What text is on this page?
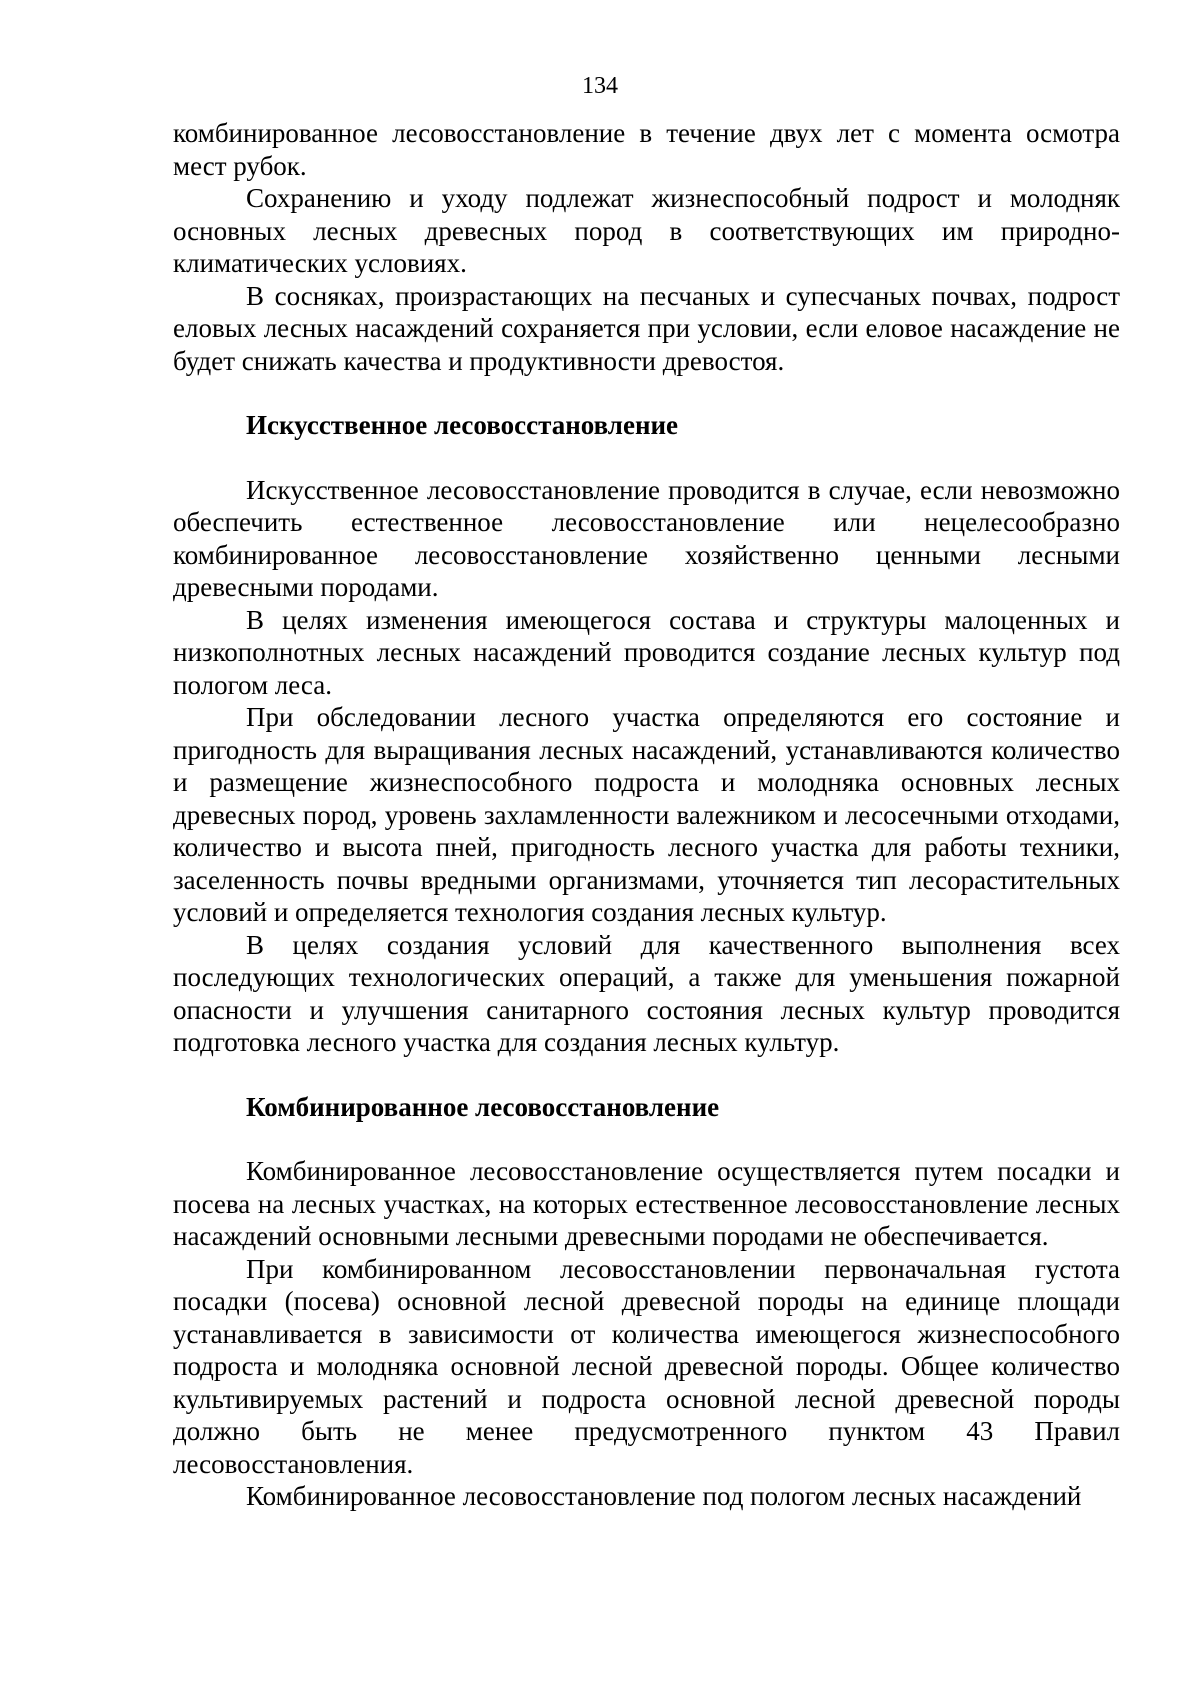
134

комбинированное лесовосстановление в течение двух лет с момента осмотра мест рубок.

Сохранению и уходу подлежат жизнеспособный подрост и молодняк основных лесных древесных пород в соответствующих им природно-климатических условиях.

В сосняках, произрастающих на песчаных и супесчаных почвах, подрост еловых лесных насаждений сохраняется при условии, если еловое насаждение не будет снижать качества и продуктивности древостоя.

Искусственное лесовосстановление

Искусственное лесовосстановление проводится в случае, если невозможно обеспечить естественное лесовосстановление или нецелесообразно комбинированное лесовосстановление хозяйственно ценными лесными древесными породами.

В целях изменения имеющегося состава и структуры малоценных и низкополнотных лесных насаждений проводится создание лесных культур под пологом леса.

При обследовании лесного участка определяются его состояние и пригодность для выращивания лесных насаждений, устанавливаются количество и размещение жизнеспособного подроста и молодняка основных лесных древесных пород, уровень захламленности валежником и лесосечными отходами, количество и высота пней, пригодность лесного участка для работы техники, заселенность почвы вредными организмами, уточняется тип лесорастительных условий и определяется технология создания лесных культур.

В целях создания условий для качественного выполнения всех последующих технологических операций, а также для уменьшения пожарной опасности и улучшения санитарного состояния лесных культур проводится подготовка лесного участка для создания лесных культур.

Комбинированное лесовосстановление

Комбинированное лесовосстановление осуществляется путем посадки и посева на лесных участках, на которых естественное лесовосстановление лесных насаждений основными лесными древесными породами не обеспечивается.

При комбинированном лесовосстановлении первоначальная густота посадки (посева) основной лесной древесной породы на единице площади устанавливается в зависимости от количества имеющегося жизнеспособного подроста и молодняка основной лесной древесной породы. Общее количество культивируемых растений и подроста основной лесной древесной породы должно быть не менее предусмотренного пунктом 43 Правил лесовосстановления.

Комбинированное лесовосстановление под пологом лесных насаждений
